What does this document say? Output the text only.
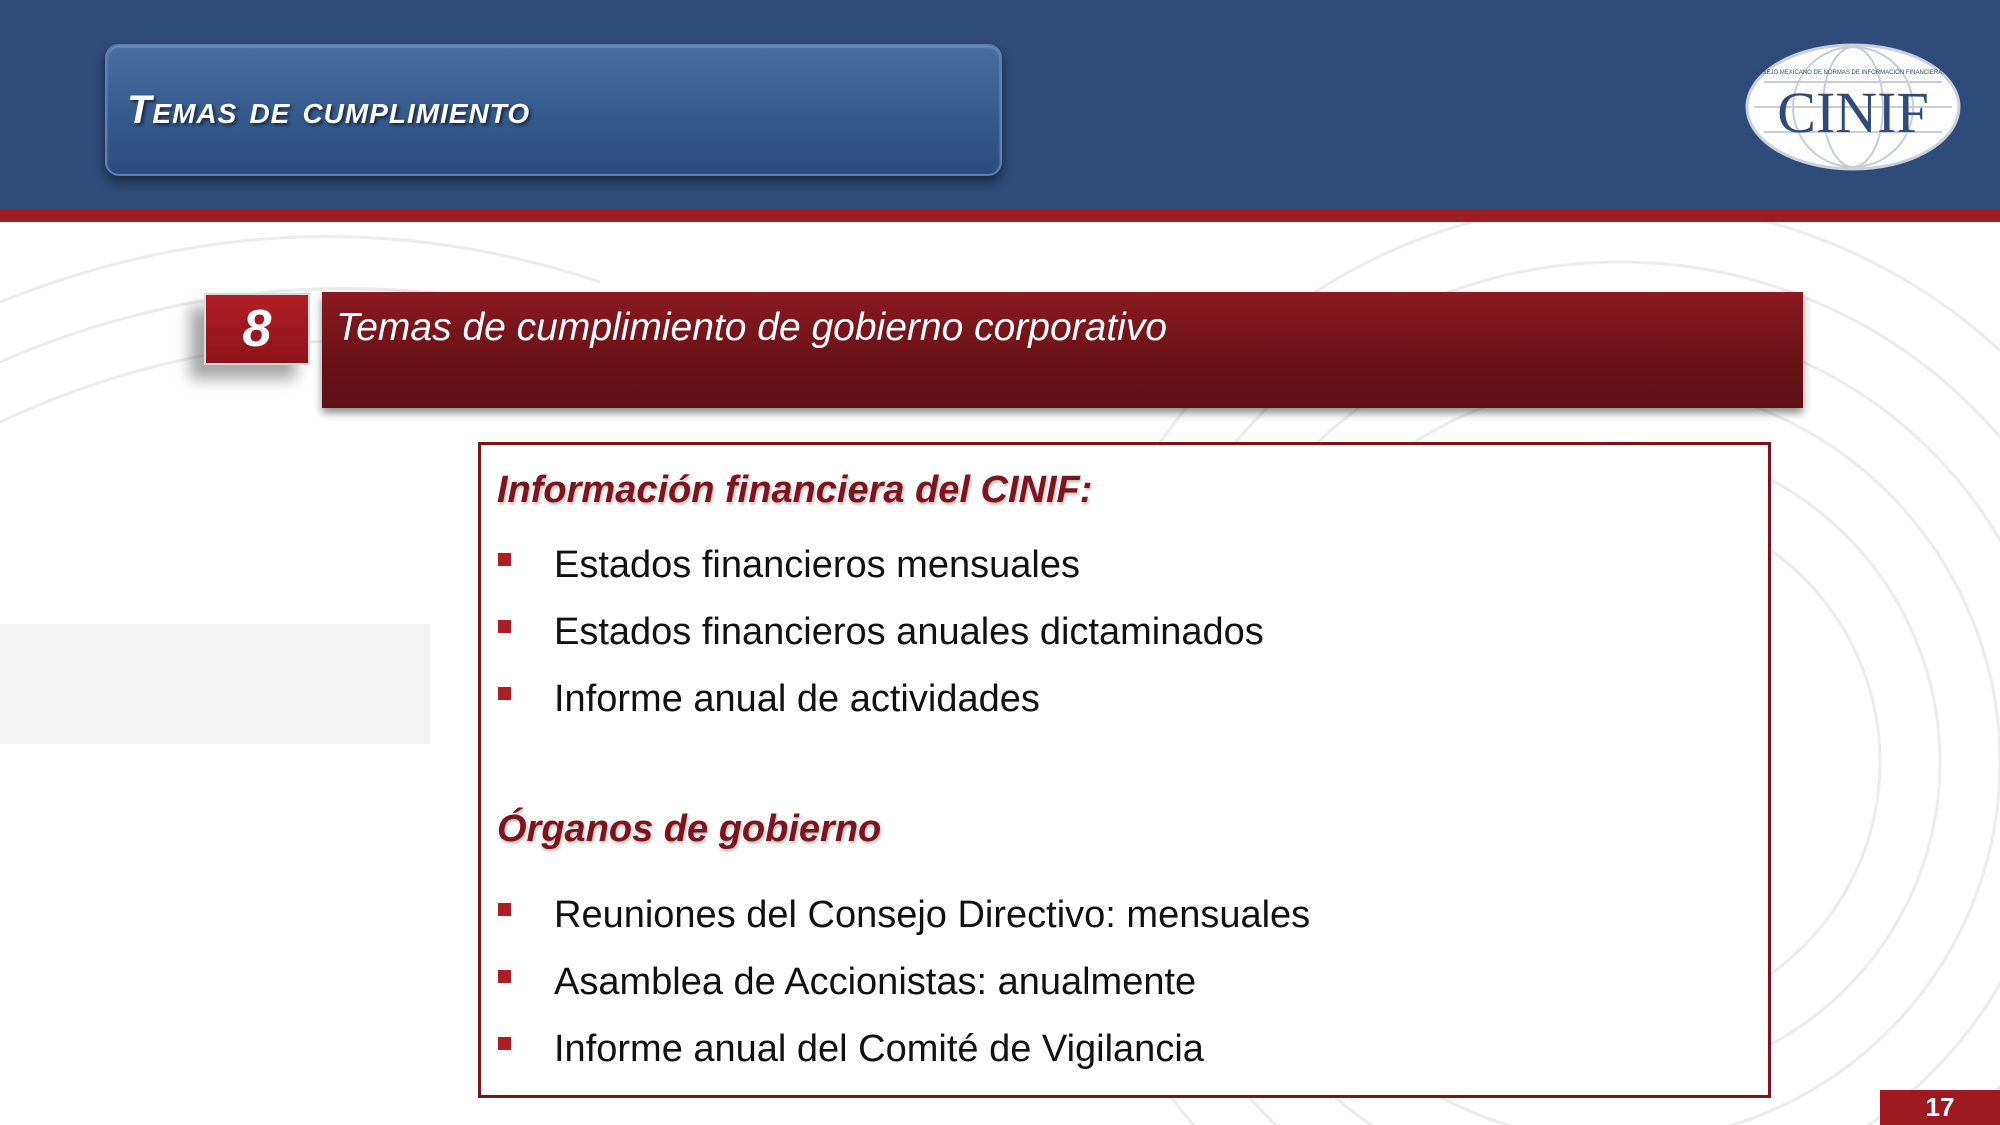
Temas de cumplimiento
CONSEJO MEXICANO DE NORMAS DE INFORMACIÓN FINANCIERA, A.C.
CINIF
8	Temas de cumplimiento de gobierno corporativo
Información financiera del CINIF:
Estados financieros mensuales
Estados financieros anuales dictaminados
Informe anual de actividades
Órganos de gobierno
Reuniones del Consejo Directivo: mensuales
Asamblea de Accionistas: anualmente
Informe anual del Comité de Vigilancia
17
